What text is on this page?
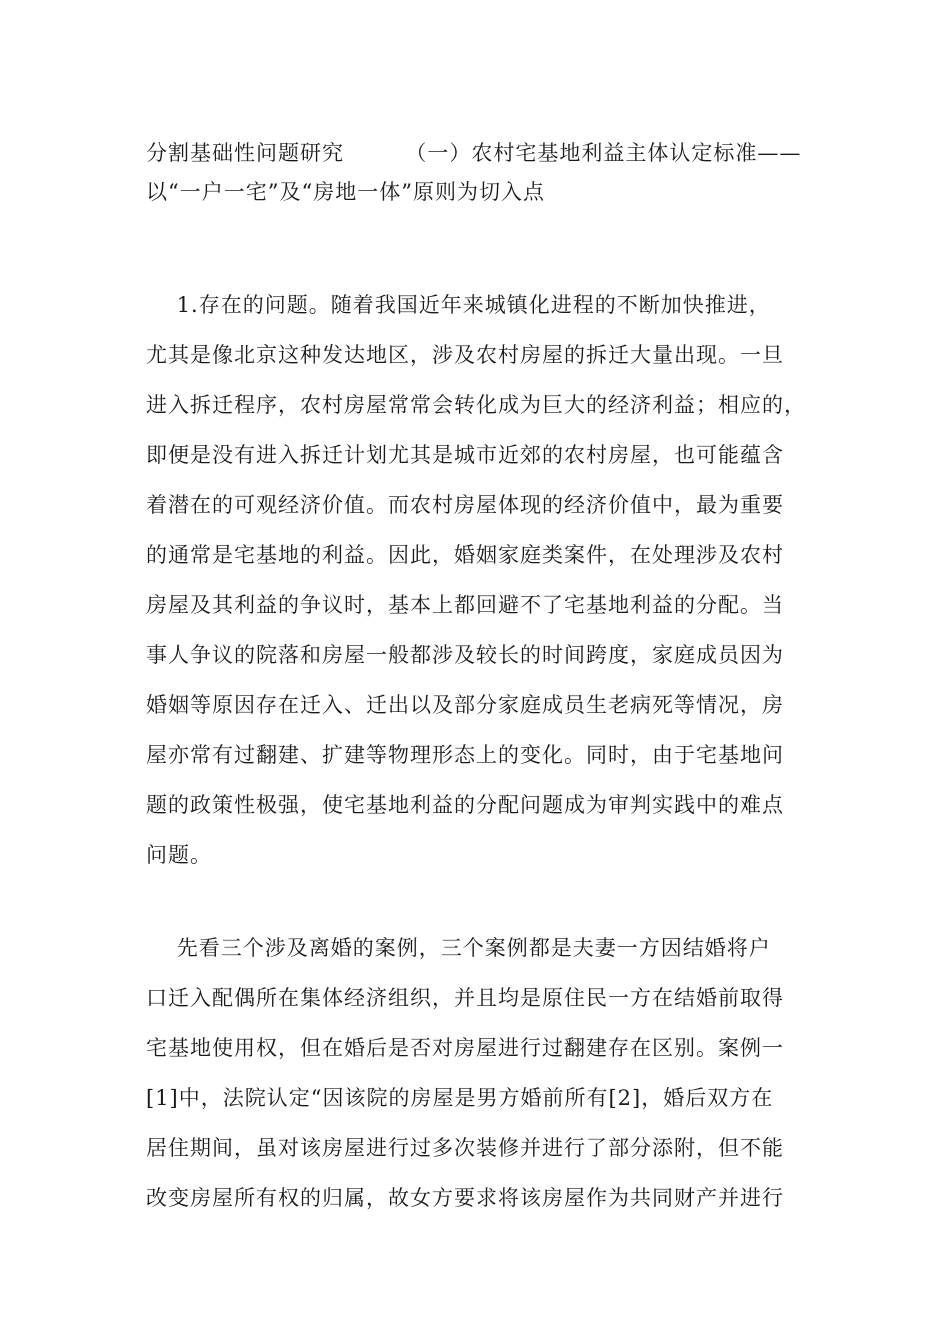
分割基础性问题研究        （一）农村宅基地利益主体认定标准——
以“一户一宅”及“房地一体”原则为切入点
1.存在的问题。随着我国近年来城镇化进程的不断加快推进，
尤其是像北京这种发达地区，涉及农村房屋的拆迁大量出现。一旦
进入拆迁程序，农村房屋常常会转化成为巨大的经济利益；相应的，
即便是没有进入拆迁计划尤其是城市近郊的农村房屋，也可能蕴含
着潜在的可观经济价值。而农村房屋体现的经济价值中，最为重要
的通常是宅基地的利益。因此，婚姻家庭类案件，在处理涉及农村
房屋及其利益的争议时，基本上都回避不了宅基地利益的分配。当
事人争议的院落和房屋一般都涉及较长的时间跨度，家庭成员因为
婚姻等原因存在迁入、迁出以及部分家庭成员生老病死等情况，房
屋亦常有过翻建、扩建等物理形态上的变化。同时，由于宅基地问
题的政策性极强，使宅基地利益的分配问题成为审判实践中的难点
问题。
先看三个涉及离婚的案例，三个案例都是夫妻一方因结婚将户
口迁入配偶所在集体经济组织，并且均是原住民一方在结婚前取得
宅基地使用权，但在婚后是否对房屋进行过翻建存在区别。案例一
[1]中，法院认定“因该院的房屋是男方婚前所有[2]，婚后双方在
居住期间，虽对该房屋进行过多次装修并进行了部分添附，但不能
改变房屋所有权的归属，故女方要求将该房屋作为共同财产并进行
